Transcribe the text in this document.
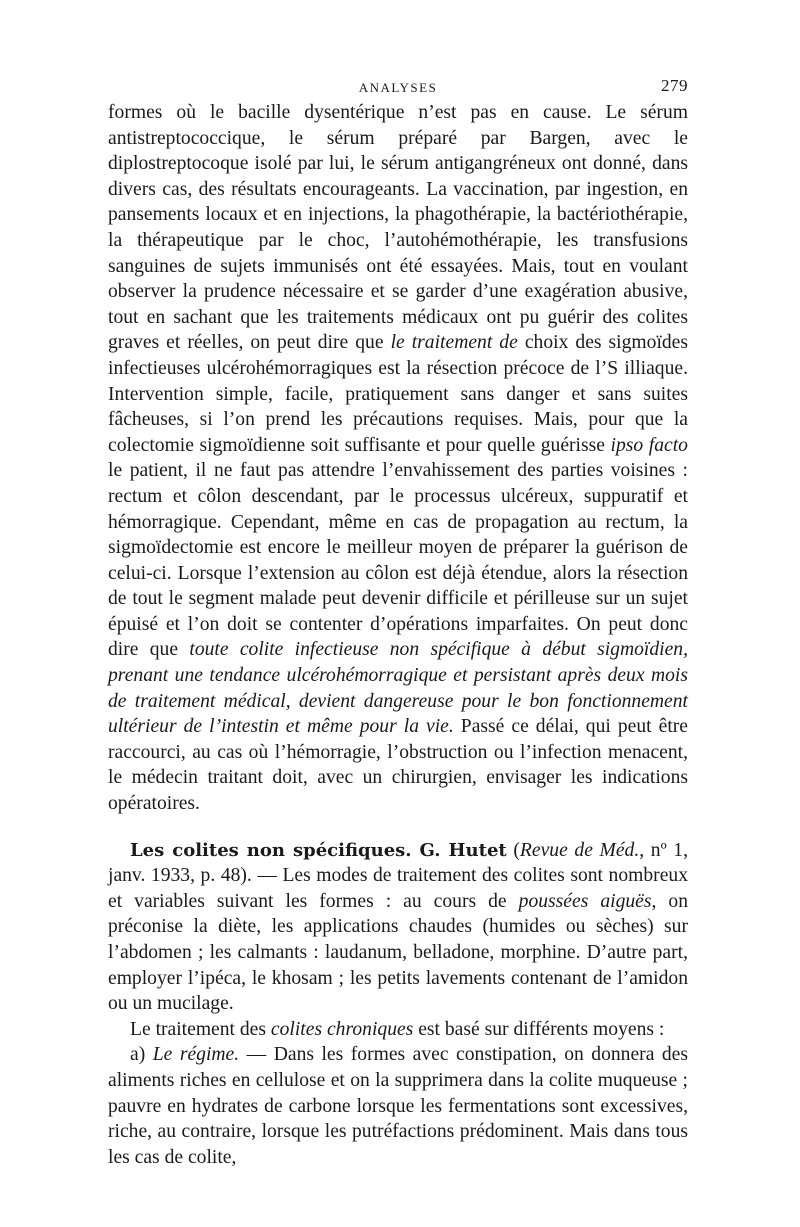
ANALYSES	279

formes où le bacille dysentérique n’est pas en cause. Le sérum antistreptococcique, le sérum préparé par Bargen, avec le diplostreptocoque isolé par lui, le sérum antigangréneux ont donné, dans divers cas, des résultats encourageants. La vaccination, par ingestion, en pansements locaux et en injections, la phagothérapie, la bactériothérapie, la thérapeutique par le choc, l’autohémothérapie, les transfusions sanguines de sujets immunisés ont été essayées. Mais, tout en voulant observer la prudence nécessaire et se garder d’une exagération abusive, tout en sachant que les traitements médicaux ont pu guérir des colites graves et réelles, on peut dire que le traitement de choix des sigmoïdes infectieuses ulcérohémorragiques est la résection précoce de l’S illiaque. Intervention simple, facile, pratiquement sans danger et sans suites fâcheuses, si l’on prend les précautions requises. Mais, pour que la colectomie sigmoïdienne soit suffisante et pour quelle guérisse ipso facto le patient, il ne faut pas attendre l’envahissement des parties voisines : rectum et côlon descendant, par le processus ulcéreux, suppuratif et hémorragique. Cependant, même en cas de propagation au rectum, la sigmoïdectomie est encore le meilleur moyen de préparer la guérison de celui-ci. Lorsque l’extension au côlon est déjà étendue, alors la résection de tout le segment malade peut devenir difficile et périlleuse sur un sujet épuisé et l’on doit se contenter d’opérations imparfaites. On peut donc dire que toute colite infectieuse non spécifique à début sigmoïdien, prenant une tendance ulcérohémorragique et persistant après deux mois de traitement médical, devient dangereuse pour le bon fonctionnement ultérieur de l’intestin et même pour la vie. Passé ce délai, qui peut être raccourci, au cas où l’hémorragie, l’obstruction ou l’infection menacent, le médecin traitant doit, avec un chirurgien, envisager les indications opératoires.

Les colites non spécifiques. G. Hutet (Revue de Méd., nº 1, janv. 1933, p. 48). — Les modes de traitement des colites sont nombreux et variables suivant les formes : au cours de poussées aiguës, on préconise la diète, les applications chaudes (humides ou sèches) sur l’abdomen ; les calmants : laudanum, belladone, morphine. D’autre part, employer l’ipéca, le khosam ; les petits lavements contenant de l’amidon ou un mucilage.

Le traitement des colites chroniques est basé sur différents moyens :

a) Le régime. — Dans les formes avec constipation, on donnera des aliments riches en cellulose et on la supprimera dans la colite muqueuse ; pauvre en hydrates de carbone lorsque les fermentations sont excessives, riche, au contraire, lorsque les putréfactions prédominent. Mais dans tous les cas de colite,
